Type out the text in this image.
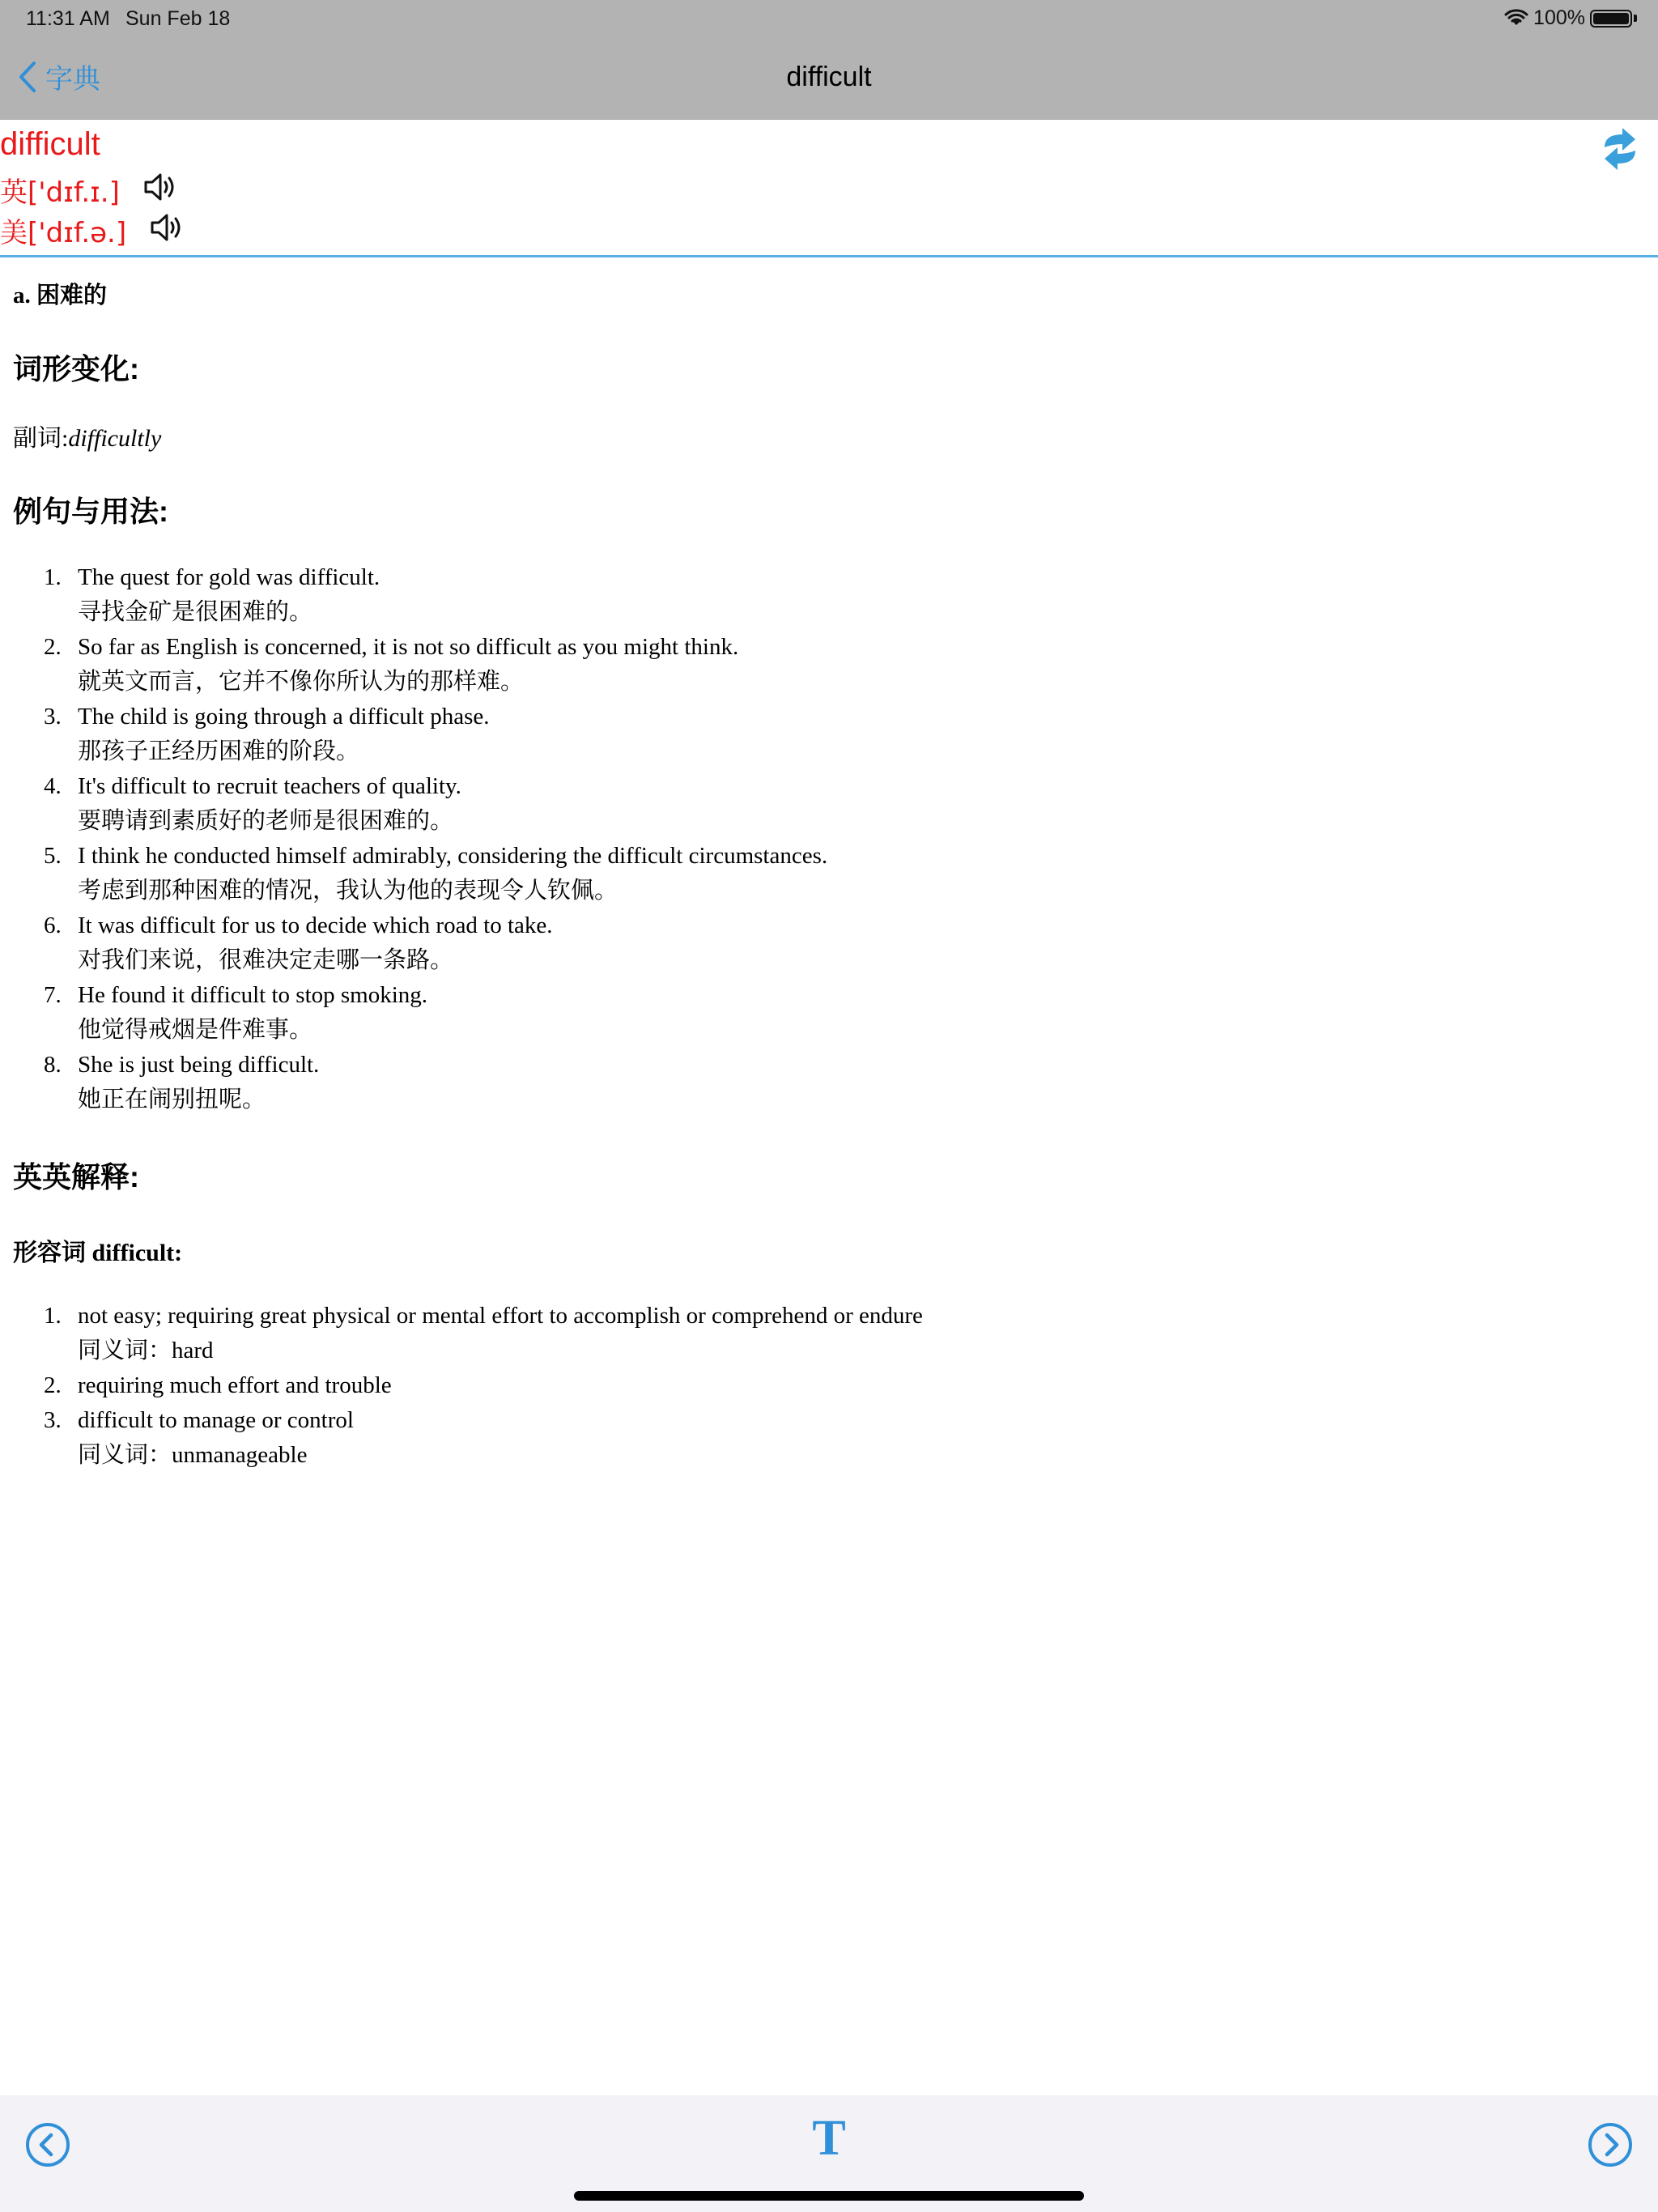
11:31 AM Sun Feb 18	100%
字典	difficult
difficult
英['dɪf.ɪ.]
美['dɪf.ə.]
a. 困难的
词形变化:
副词:difficultly
例句与用法:
1. The quest for gold was difficult.
寻找金矿是很困难的。
2. So far as English is concerned, it is not so difficult as you might think.
就英文而言，它并不像你所认为的那样难。
3. The child is going through a difficult phase.
那孩子正经历困难的阶段。
4. It's difficult to recruit teachers of quality.
要聘请到素质好的老师是很困难的。
5. I think he conducted himself admirably, considering the difficult circumstances.
考虑到那种困难的情况，我认为他的表现令人钦佩。
6. It was difficult for us to decide which road to take.
对我们来说，很难决定走哪一条路。
7. He found it difficult to stop smoking.
他觉得戒烟是件难事。
8. She is just being difficult.
她正在闹别扭呢。
英英解释:
形容词 difficult:
1. not easy; requiring great physical or mental effort to accomplish or comprehend or endure
同义词：hard
2. requiring much effort and trouble
3. difficult to manage or control
同义词：unmanageable
T
